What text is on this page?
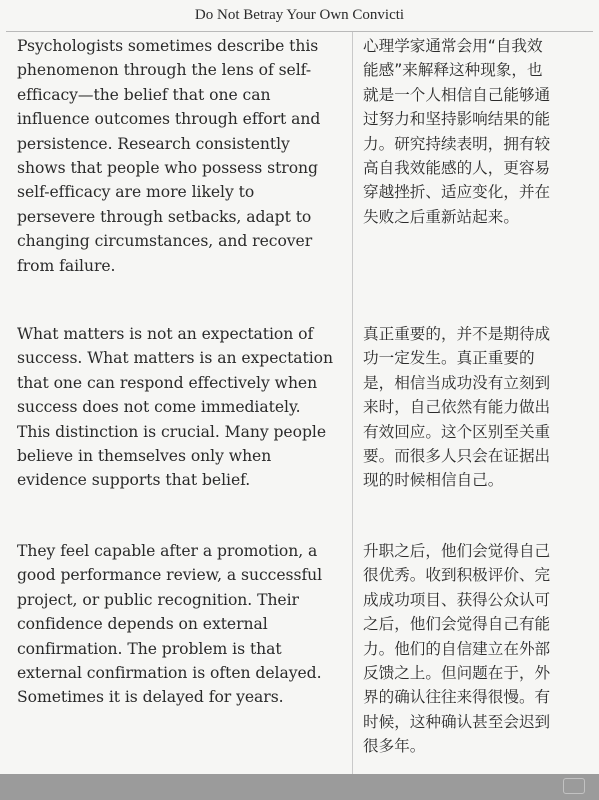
Do Not Betray Your Own Convicti
Psychologists sometimes describe this
phenomenon through the lens of self-
efficacy—the belief that one can
influence outcomes through effort and
persistence. Research consistently
shows that people who possess strong
self-efficacy are more likely to
persevere through setbacks, adapt to
changing circumstances, and recover
from failure.
心理学家通常会用“自我效
能感”来解释这种现象，也
就是一个人相信自己能够通
过努力和坚持影响结果的能
力。研究持续表明，拥有较
高自我效能感的人，更容易
穿越挫折、适应变化，并在
失败之后重新站起来。
What matters is not an expectation of
success. What matters is an expectation
that one can respond effectively when
success does not come immediately.
This distinction is crucial. Many people
believe in themselves only when
evidence supports that belief.
真正重要的，并不是期待成
功一定发生。真正重要的
是，相信当成功没有立刻到
来时，自己依然有能力做出
有效回应。这个区别至关重
要。而很多人只会在证据出
现的时候相信自己。
They feel capable after a promotion, a
good performance review, a successful
project, or public recognition. Their
confidence depends on external
confirmation. The problem is that
external confirmation is often delayed.
Sometimes it is delayed for years.
升职之后，他们会觉得自己
很优秀。收到积极评价、完
成成功项目、获得公众认可
之后，他们会觉得自己有能
力。他们的自信建立在外部
反馈之上。但问题在于，外
界的确认往往来得很慢。有
时候，这种确认甚至会迟到
很多年。
